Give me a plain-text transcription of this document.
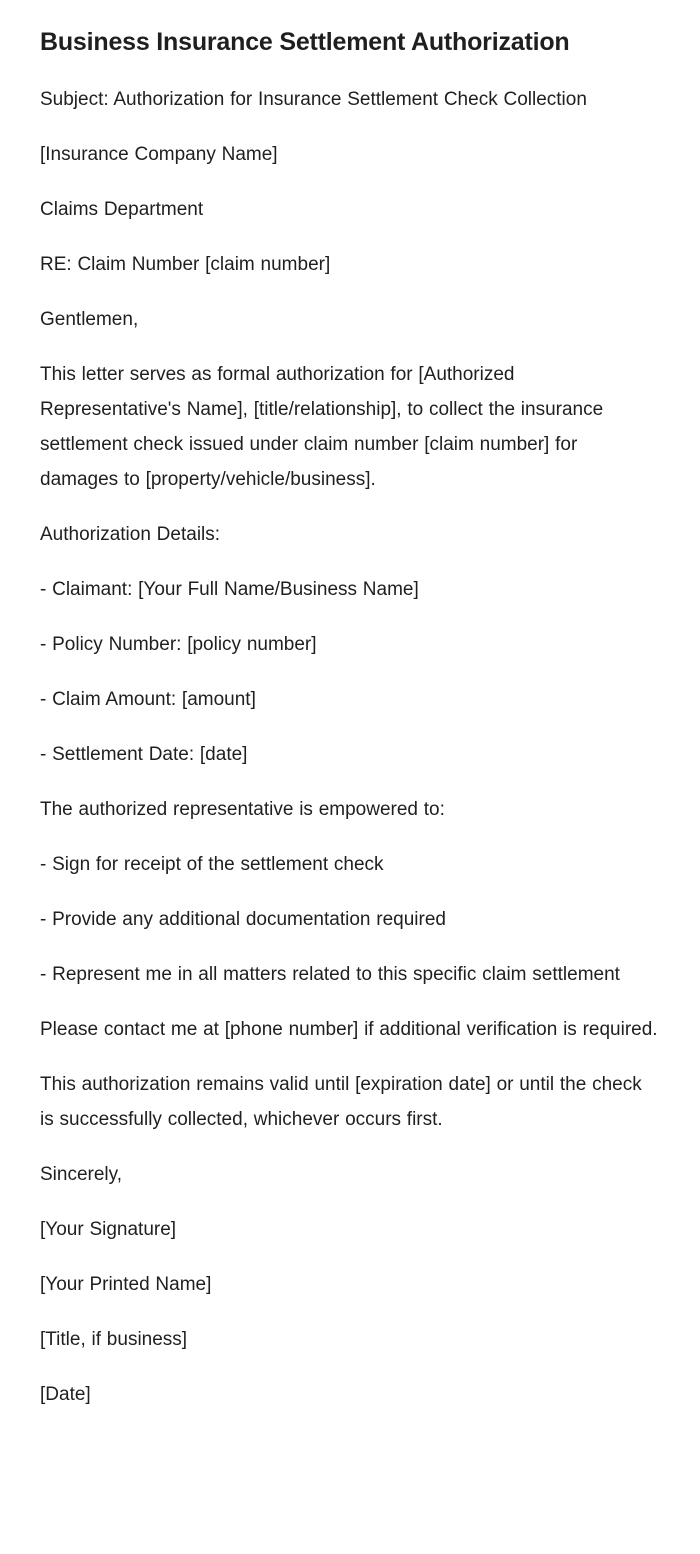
Business Insurance Settlement Authorization

Subject: Authorization for Insurance Settlement Check Collection

[Insurance Company Name]

Claims Department

RE: Claim Number [claim number]

Gentlemen,

This letter serves as formal authorization for [Authorized Representative's Name], [title/relationship], to collect the insurance settlement check issued under claim number [claim number] for damages to [property/vehicle/business].

Authorization Details:

- Claimant: [Your Full Name/Business Name]

- Policy Number: [policy number]

- Claim Amount: [amount]

- Settlement Date: [date]

The authorized representative is empowered to:

- Sign for receipt of the settlement check

- Provide any additional documentation required

- Represent me in all matters related to this specific claim settlement

Please contact me at [phone number] if additional verification is required.

This authorization remains valid until [expiration date] or until the check is successfully collected, whichever occurs first.

Sincerely,

[Your Signature]

[Your Printed Name]

[Title, if business]

[Date]
